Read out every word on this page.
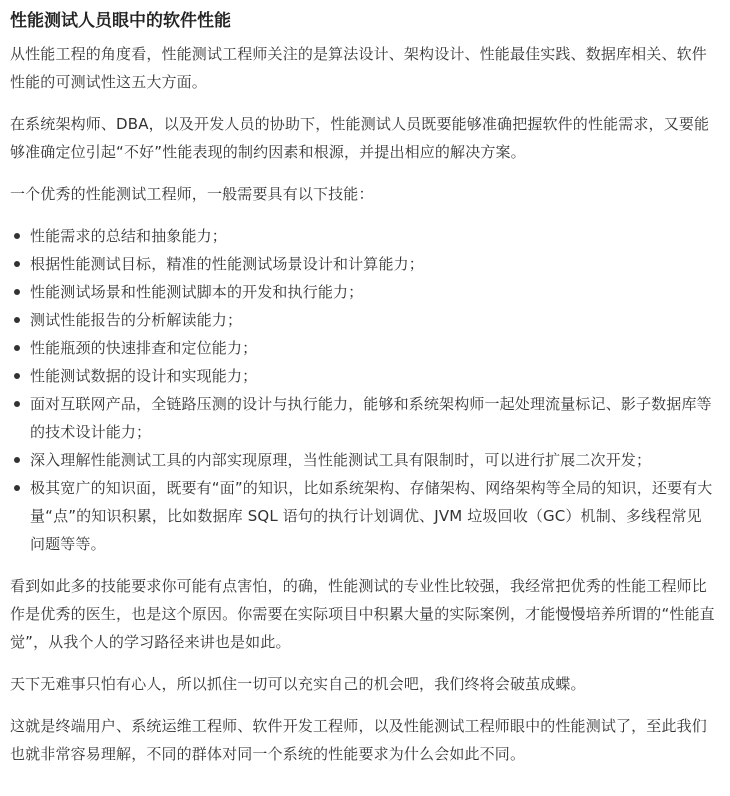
性能测试人员眼中的软件性能

从性能工程的角度看，性能测试工程师关注的是算法设计、架构设计、性能最佳实践、数据库相关、软件性能的可测试性这五大方面。

在系统架构师、DBA，以及开发人员的协助下，性能测试人员既要能够准确把握软件的性能需求，又要能够准确定位引起“不好”性能表现的制约因素和根源，并提出相应的解决方案。

一个优秀的性能测试工程师，一般需要具有以下技能：

性能需求的总结和抽象能力；
根据性能测试目标，精准的性能测试场景设计和计算能力；
性能测试场景和性能测试脚本的开发和执行能力；
测试性能报告的分析解读能力；
性能瓶颈的快速排查和定位能力；
性能测试数据的设计和实现能力；
面对互联网产品，全链路压测的设计与执行能力，能够和系统架构师一起处理流量标记、影子数据库等的技术设计能力；
深入理解性能测试工具的内部实现原理，当性能测试工具有限制时，可以进行扩展二次开发；
极其宽广的知识面，既要有“面”的知识，比如系统架构、存储架构、网络架构等全局的知识，还要有大量“点”的知识积累，比如数据库 SQL 语句的执行计划调优、JVM 垃圾回收（GC）机制、多线程常见问题等等。

看到如此多的技能要求你可能有点害怕，的确，性能测试的专业性比较强，我经常把优秀的性能工程师比作是优秀的医生，也是这个原因。你需要在实际项目中积累大量的实际案例，才能慢慢培养所谓的“性能直觉”，从我个人的学习路径来讲也是如此。

天下无难事只怕有心人，所以抓住一切可以充实自己的机会吧，我们终将会破茧成蝶。

这就是终端用户、系统运维工程师、软件开发工程师，以及性能测试工程师眼中的性能测试了，至此我们也就非常容易理解，不同的群体对同一个系统的性能要求为什么会如此不同。
